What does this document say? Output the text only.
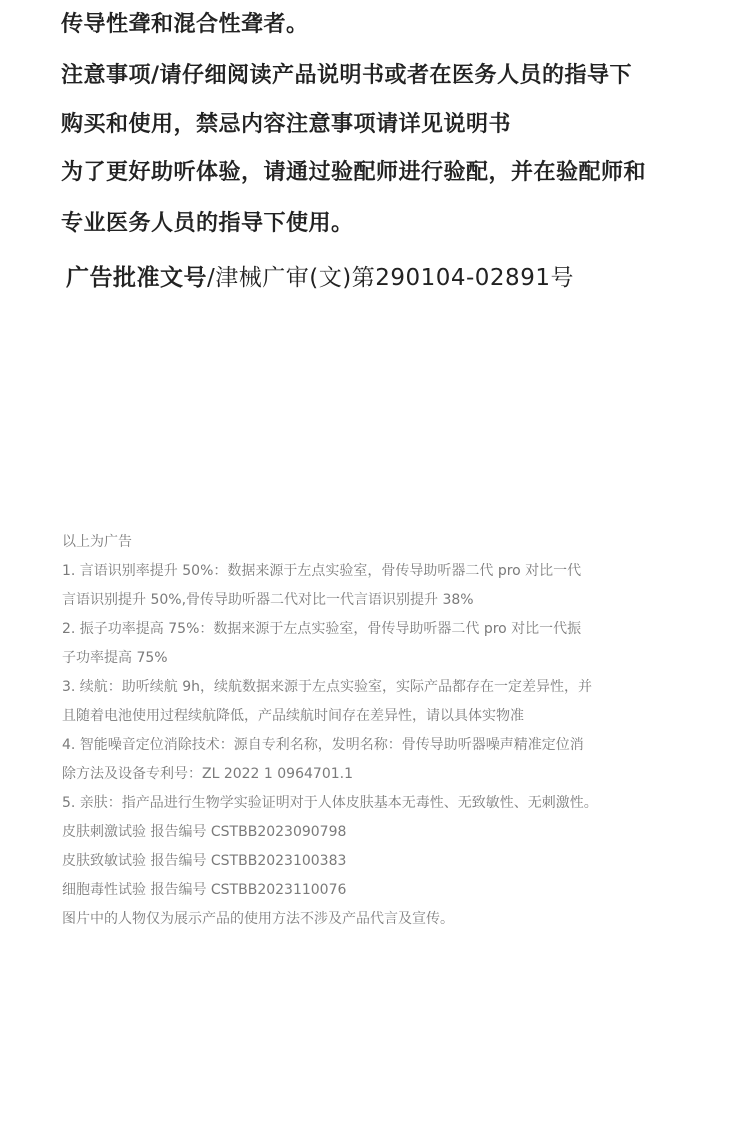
传导性聋和混合性聋者。
注意事项/请仔细阅读产品说明书或者在医务人员的指导下
购买和使用，禁忌内容注意事项请详见说明书
为了更好助听体验，请通过验配师进行验配，并在验配师和
专业医务人员的指导下使用。
广告批准文号/津械广审(文)第290104-02891号
以上为广告
1. 言语识别率提升 50%：数据来源于左点实验室，骨传导助听器二代 pro 对比一代
言语识别提升 50%,骨传导助听器二代对比一代言语识别提升 38%
2. 振子功率提高 75%：数据来源于左点实验室，骨传导助听器二代 pro 对比一代振
子功率提高 75%
3. 续航：助听续航 9h，续航数据来源于左点实验室，实际产品都存在一定差异性，并
且随着电池使用过程续航降低，产品续航时间存在差异性，请以具体实物准
4. 智能噪音定位消除技术：源自专利名称，发明名称：骨传导助听器噪声精准定位消
除方法及设备专利号：ZL 2022 1 0964701.1
5. 亲肤：指产品进行生物学实验证明对于人体皮肤基本无毒性、无致敏性、无刺激性。
皮肤刺激试验 报告编号 CSTBB2023090798
皮肤致敏试验 报告编号 CSTBB2023100383
细胞毒性试验 报告编号 CSTBB2023110076
图片中的人物仅为展示产品的使用方法不涉及产品代言及宣传。
